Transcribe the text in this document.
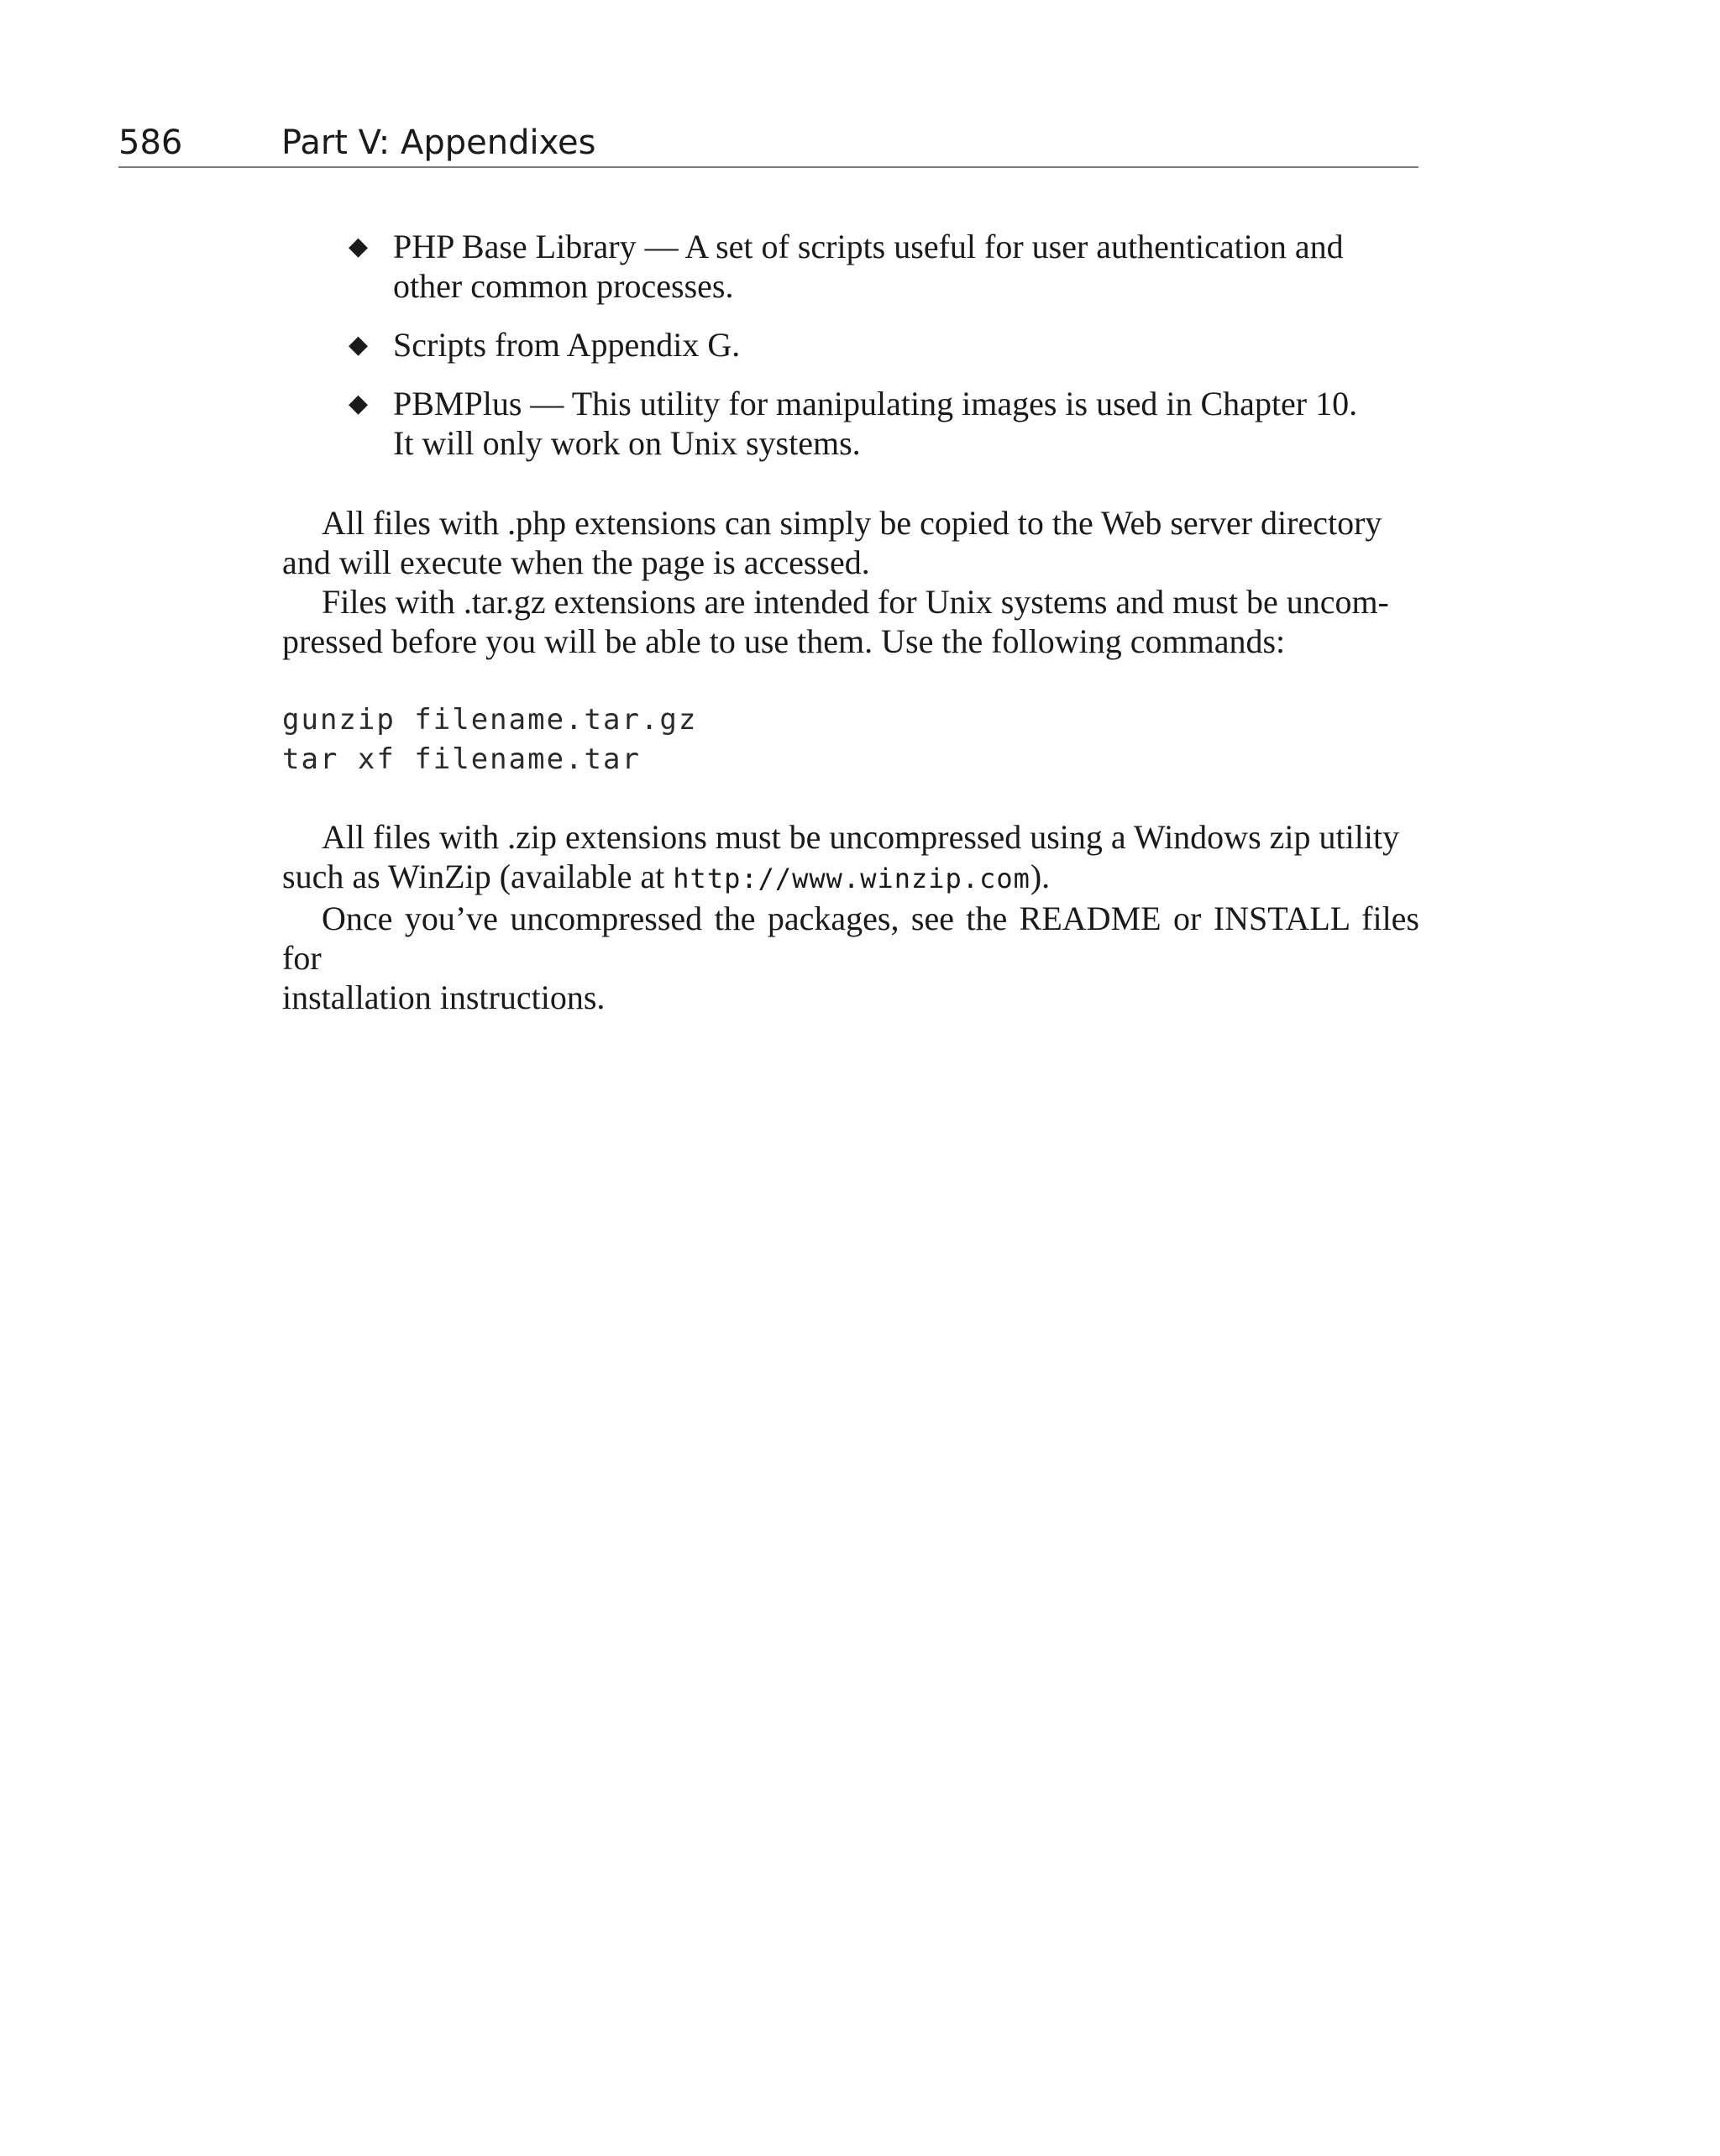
586	Part V: Appendixes
◆ PHP Base Library — A set of scripts useful for user authentication and
other common processes.
◆ Scripts from Appendix G.
◆ PBMPlus — This utility for manipulating images is used in Chapter 10.
It will only work on Unix systems.

All files with .php extensions can simply be copied to the Web server directory
and will execute when the page is accessed.

Files with .tar.gz extensions are intended for Unix systems and must be uncom-
pressed before you will be able to use them. Use the following commands:

gunzip filename.tar.gz
tar xf filename.tar

All files with .zip extensions must be uncompressed using a Windows zip utility
such as WinZip (available at http://www.winzip.com).

Once you’ve uncompressed the packages, see the README or INSTALL files for
installation instructions.
